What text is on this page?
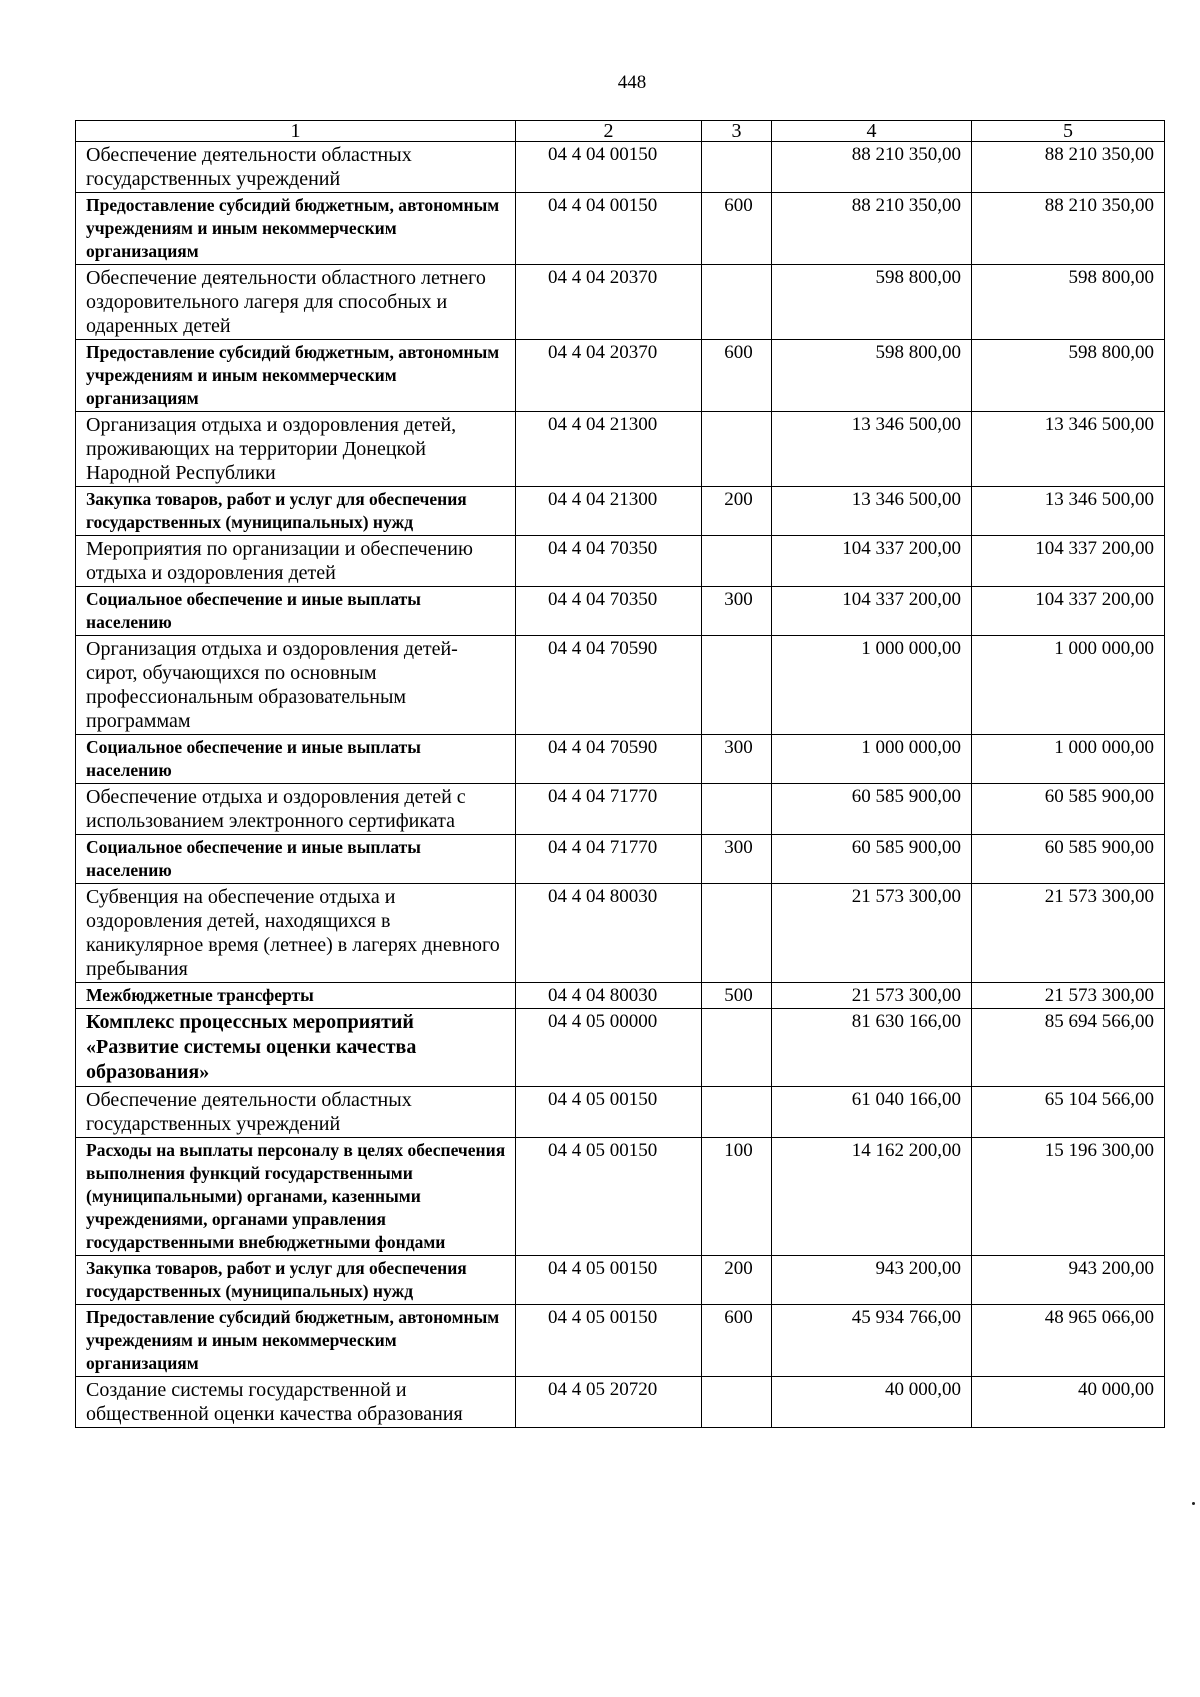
448
1	2	3	4	5
Обеспечение деятельности областных государственных учреждений	04 4 04 00150		88 210 350,00	88 210 350,00
Предоставление субсидий бюджетным, автономным учреждениям и иным некоммерческим организациям	04 4 04 00150	600	88 210 350,00	88 210 350,00
Обеспечение деятельности областного летнего оздоровительного лагеря для способных и одаренных детей	04 4 04 20370		598 800,00	598 800,00
Предоставление субсидий бюджетным, автономным учреждениям и иным некоммерческим организациям	04 4 04 20370	600	598 800,00	598 800,00
Организация отдыха и оздоровления детей, проживающих на территории Донецкой Народной Республики	04 4 04 21300		13 346 500,00	13 346 500,00
Закупка товаров, работ и услуг для обеспечения государственных (муниципальных) нужд	04 4 04 21300	200	13 346 500,00	13 346 500,00
Мероприятия по организации и обеспечению отдыха и оздоровления детей	04 4 04 70350		104 337 200,00	104 337 200,00
Социальное обеспечение и иные выплаты населению	04 4 04 70350	300	104 337 200,00	104 337 200,00
Организация отдыха и оздоровления детей-сирот, обучающихся по основным профессиональным образовательным программам	04 4 04 70590		1 000 000,00	1 000 000,00
Социальное обеспечение и иные выплаты населению	04 4 04 70590	300	1 000 000,00	1 000 000,00
Обеспечение отдыха и оздоровления детей с использованием электронного сертификата	04 4 04 71770		60 585 900,00	60 585 900,00
Социальное обеспечение и иные выплаты населению	04 4 04 71770	300	60 585 900,00	60 585 900,00
Субвенция на обеспечение отдыха и оздоровления детей, находящихся в каникулярное время (летнее) в лагерях дневного пребывания	04 4 04 80030		21 573 300,00	21 573 300,00
Межбюджетные трансферты	04 4 04 80030	500	21 573 300,00	21 573 300,00
Комплекс процессных мероприятий «Развитие системы оценки качества образования»	04 4 05 00000		81 630 166,00	85 694 566,00
Обеспечение деятельности областных государственных учреждений	04 4 05 00150		61 040 166,00	65 104 566,00
Расходы на выплаты персоналу в целях обеспечения выполнения функций государственными (муниципальными) органами, казенными учреждениями, органами управления государственными внебюджетными фондами	04 4 05 00150	100	14 162 200,00	15 196 300,00
Закупка товаров, работ и услуг для обеспечения государственных (муниципальных) нужд	04 4 05 00150	200	943 200,00	943 200,00
Предоставление субсидий бюджетным, автономным учреждениям и иным некоммерческим организациям	04 4 05 00150	600	45 934 766,00	48 965 066,00
Создание системы государственной и общественной оценки качества образования	04 4 05 20720		40 000,00	40 000,00
